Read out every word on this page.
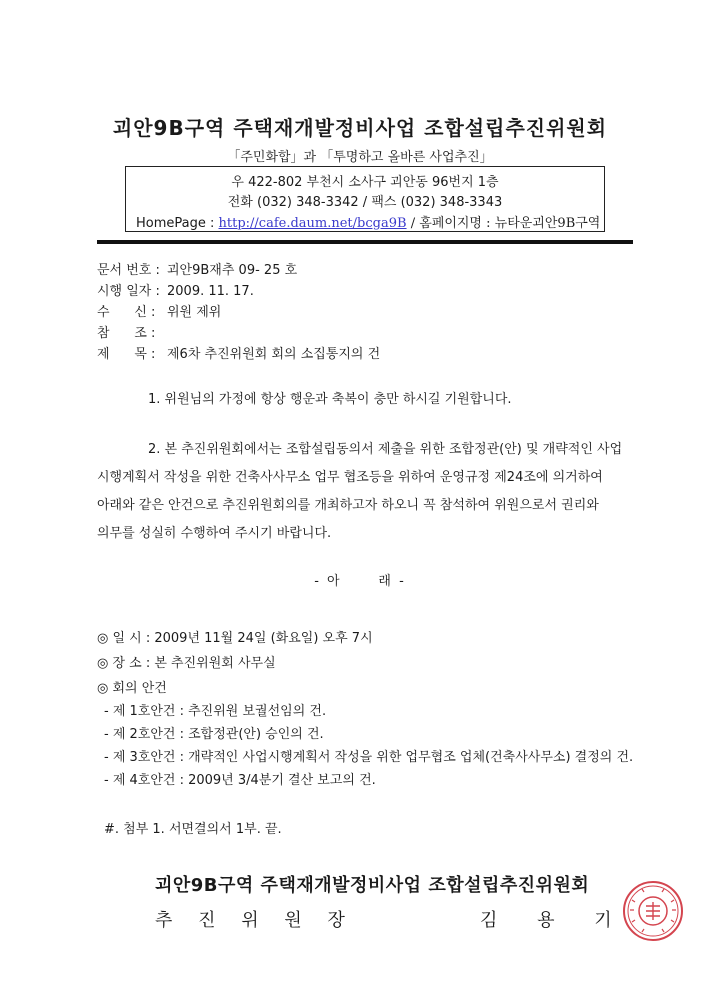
괴안9B구역 주택재개발정비사업 조합설립추진위원회
「주민화합」과 「투명하고 올바른 사업추진」
우 422-802 부천시 소사구 괴안동 96번지 1층
전화 (032) 348-3342 / 팩스 (032) 348-3343
HomePage : http://cafe.daum.net/bcga9B / 홈페이지명 : 뉴타운괴안9B구역
문서 번호 : 괴안9B재추 09- 25 호
시행 일자 : 2009. 11. 17.
수      신 : 위원 제위
참      조 :
제      목 : 제6차 추진위원회 회의 소집통지의 건
1. 위원님의 가정에 항상 행운과 축복이 충만 하시길 기원합니다.
2. 본 추진위원회에서는 조합설립동의서 제출을 위한 조합정관(안) 및 개략적인 사업
시행계획서 작성을 위한 건축사사무소 업무 협조등을 위하여 운영규정 제24조에 의거하여
아래와 같은 안건으로 추진위원회의를 개최하고자 하오니 꼭 참석하여 위원으로서 권리와
의무를 성실히 수행하여 주시기 바랍니다.
- 아      래 -
◎ 일 시 : 2009년 11월 24일 (화요일) 오후 7시
◎ 장 소 : 본 추진위원회 사무실
◎ 회의 안건
- 제 1호안건 : 추진위원 보궐선임의 건.
- 제 2호안건 : 조합정관(안) 승인의 건.
- 제 3호안건 : 개략적인 사업시행계획서 작성을 위한 업무협조 업체(건축사사무소) 결정의 건.
- 제 4호안건 : 2009년 3/4분기 결산 보고의 건.
#. 첨부 1. 서면결의서 1부. 끝.
괴안9B구역 주택재개발정비사업 조합설립추진위원회
추 진 위 원 장	김 용 기
